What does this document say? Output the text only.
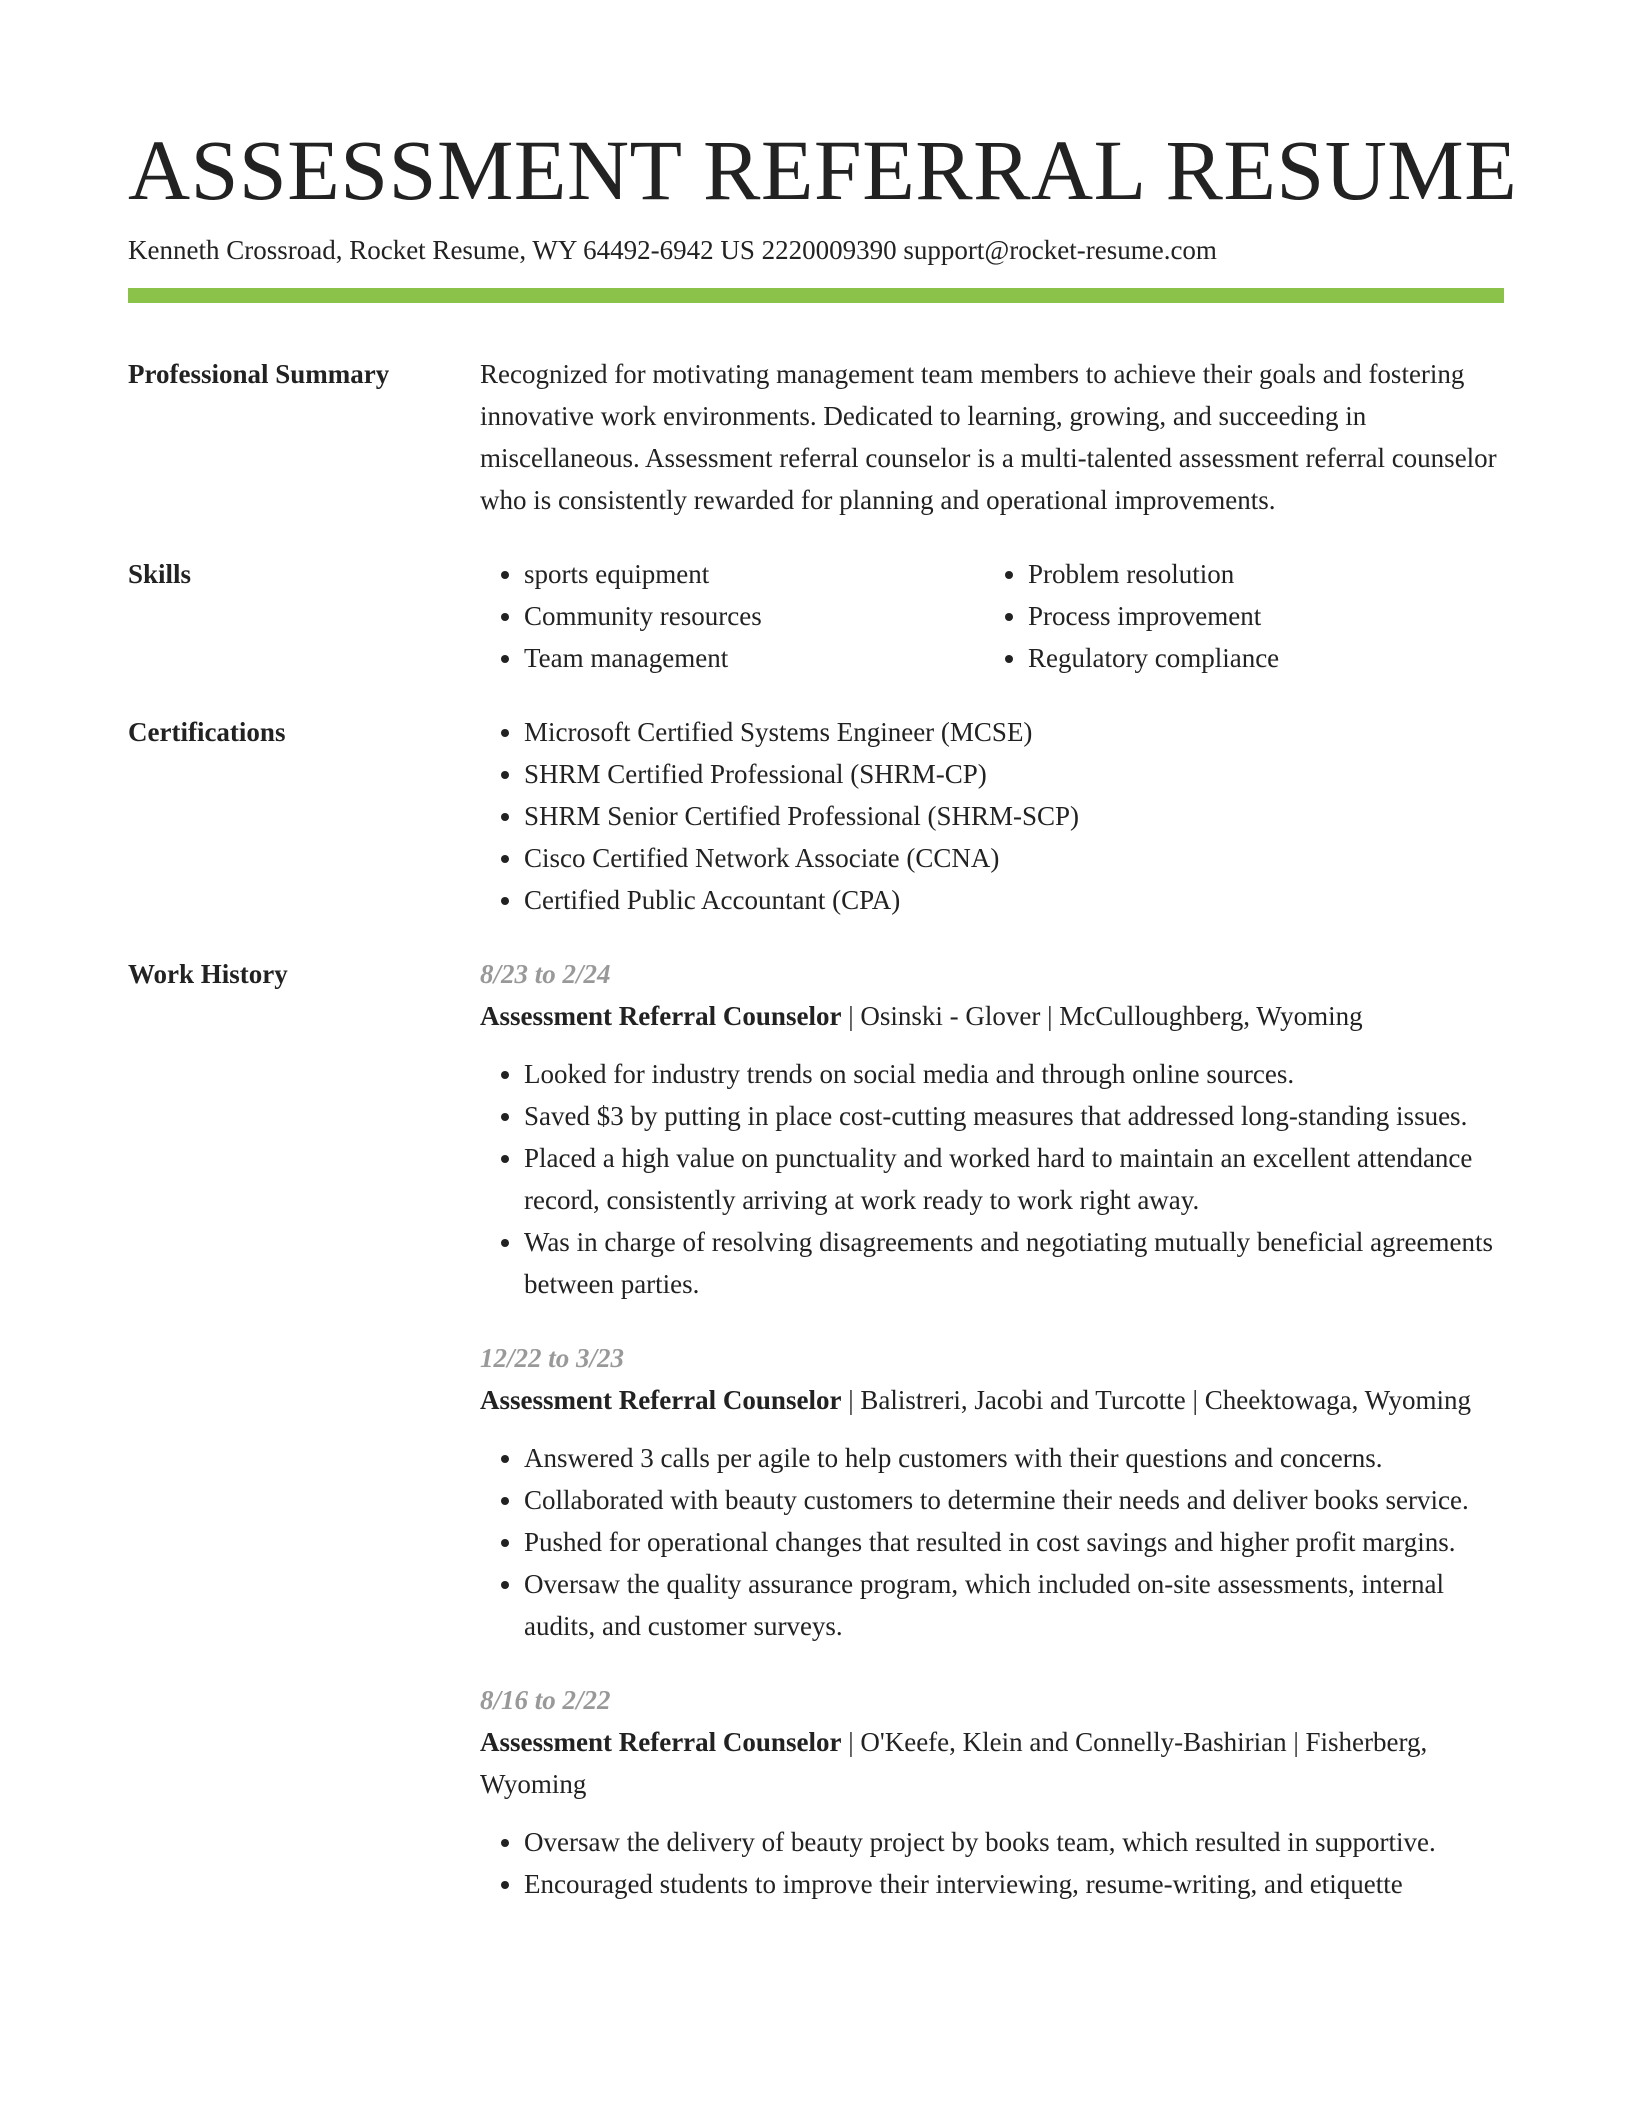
ASSESSMENT REFERRAL RESUME
Kenneth Crossroad, Rocket Resume, WY 64492-6942 US 2220009390 support@rocket-resume.com
Professional Summary	Recognized for motivating management team members to achieve their goals and fostering innovative work environments. Dedicated to learning, growing, and succeeding in miscellaneous. Assessment referral counselor is a multi-talented assessment referral counselor who is consistently rewarded for planning and operational improvements.

Skills	• sports equipment
• Community resources
• Team management
• Problem resolution
• Process improvement
• Regulatory compliance
Certifications	• Microsoft Certified Systems Engineer (MCSE)
• SHRM Certified Professional (SHRM-CP)
• SHRM Senior Certified Professional (SHRM-SCP)
• Cisco Certified Network Associate (CCNA)
• Certified Public Accountant (CPA)
Work History	8/23 to 2/24
Assessment Referral Counselor | Osinski - Glover | McCulloughberg, Wyoming
• Looked for industry trends on social media and through online sources.
• Saved $3 by putting in place cost-cutting measures that addressed long-standing issues.
• Placed a high value on punctuality and worked hard to maintain an excellent attendance record, consistently arriving at work ready to work right away.
• Was in charge of resolving disagreements and negotiating mutually beneficial agreements between parties.
12/22 to 3/23
Assessment Referral Counselor | Balistreri, Jacobi and Turcotte | Cheektowaga, Wyoming
• Answered 3 calls per agile to help customers with their questions and concerns.
• Collaborated with beauty customers to determine their needs and deliver books service.
• Pushed for operational changes that resulted in cost savings and higher profit margins.
• Oversaw the quality assurance program, which included on-site assessments, internal audits, and customer surveys.
8/16 to 2/22
Assessment Referral Counselor | O'Keefe, Klein and Connelly-Bashirian | Fisherberg, Wyoming
• Oversaw the delivery of beauty project by books team, which resulted in supportive.
• Encouraged students to improve their interviewing, resume-writing, and etiquette
